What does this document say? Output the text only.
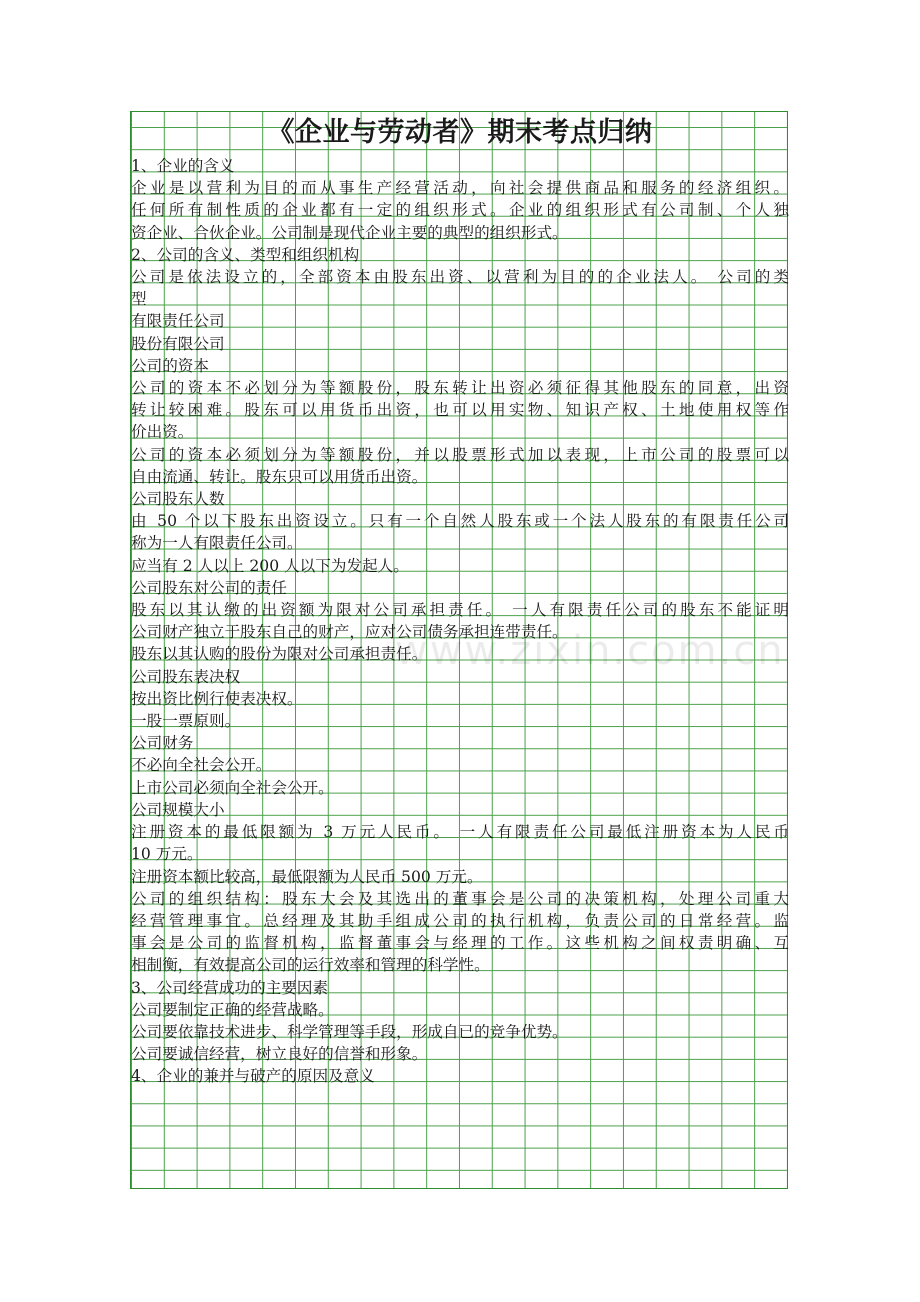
《企业与劳动者》期末考点归纳

1、企业的含义

企业是以营利为目的而从事生产经营活动，向社会提供商品和服务的经济组织。

任何所有制性质的企业都有一定的组织形式。企业的组织形式有公司制、个人独

资企业、合伙企业。公司制是现代企业主要的典型的组织形式。

2、公司的含义、类型和组织机构

公司是依法设立的，全部资本由股东出资、以营利为目的的企业法人。 公司的类

型

有限责任公司

股份有限公司

公司的资本

公司的资本不必划分为等额股份，股东转让出资必须征得其他股东的同意，出资

转让较困难。股东可以用货币出资，也可以用实物、知识产权、土地使用权等作

价出资。

公司的资本必须划分为等额股份，并以股票形式加以表现，上市公司的股票可以

自由流通、转让。股东只可以用货币出资。

公司股东人数

由 50 个以下股东出资设立。只有一个自然人股东或一个法人股东的有限责任公司

称为一人有限责任公司。

应当有 2 人以上 200 人以下为发起人。

公司股东对公司的责任

股东以其认缴的出资额为限对公司承担责任。 一人有限责任公司的股东不能证明

公司财产独立于股东自己的财产，应对公司债务承担连带责任。

股东以其认购的股份为限对公司承担责任。

公司股东表决权

按出资比例行使表决权。

一股一票原则。

公司财务

不必向全社会公开。

上市公司必须向全社会公开。

公司规模大小

注册资本的最低限额为 3 万元人民币。 一人有限责任公司最低注册资本为人民币

10 万元。

注册资本额比较高，最低限额为人民币 500 万元。

公司的组织结构：股东大会及其选出的董事会是公司的决策机构，处理公司重大

经营管理事宜。总经理及其助手组成公司的执行机构，负责公司的日常经营。监

事会是公司的监督机构，监督董事会与经理的工作。这些机构之间权责明确、互

相制衡，有效提高公司的运行效率和管理的科学性。

3、公司经营成功的主要因素

公司要制定正确的经营战略。

公司要依靠技术进步、科学管理等手段，形成自已的竞争优势。

公司要诚信经营，树立良好的信誉和形象。

4、企业的兼并与破产的原因及意义

www.zixin.com.cn
